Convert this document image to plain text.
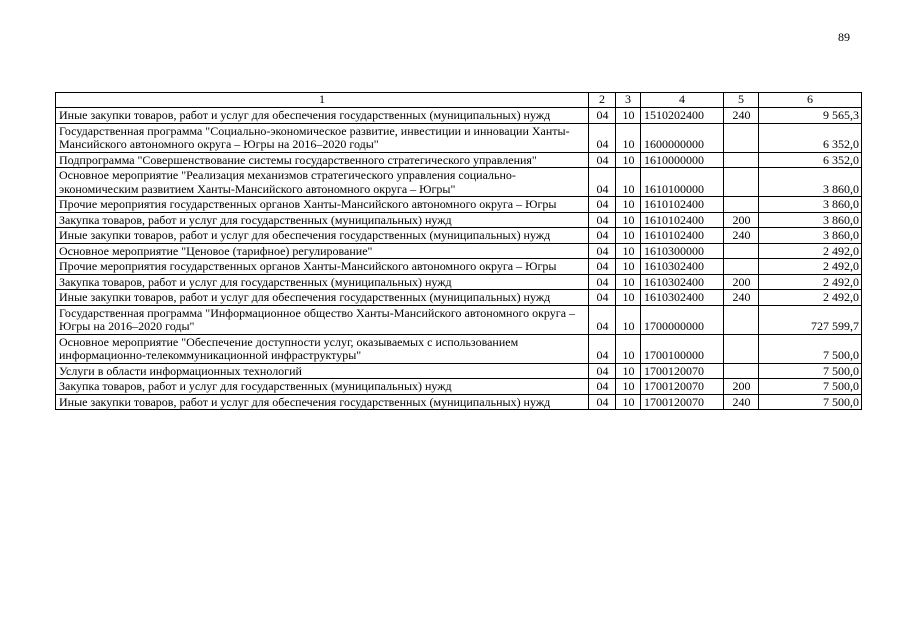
89
1	2	3	4	5	6
Иные закупки товаров, работ и услуг для обеспечения государственных (муниципальных) нужд	04	10	1510202400	240	9 565,3
Государственная программа "Социально-экономическое развитие, инвестиции и инновации Ханты-Мансийского автономного округа – Югры на 2016–2020 годы"	04	10	1600000000		6 352,0
Подпрограмма "Совершенствование системы государственного стратегического управления"	04	10	1610000000		6 352,0
Основное мероприятие "Реализация механизмов стратегического управления социально-экономическим развитием Ханты-Мансийского автономного округа – Югры"	04	10	1610100000		3 860,0
Прочие мероприятия государственных органов Ханты-Мансийского автономного округа – Югры	04	10	1610102400		3 860,0
Закупка товаров, работ и услуг для государственных (муниципальных) нужд	04	10	1610102400	200	3 860,0
Иные закупки товаров, работ и услуг для обеспечения государственных (муниципальных) нужд	04	10	1610102400	240	3 860,0
Основное мероприятие "Ценовое (тарифное) регулирование"	04	10	1610300000		2 492,0
Прочие мероприятия государственных органов Ханты-Мансийского автономного округа – Югры	04	10	1610302400		2 492,0
Закупка товаров, работ и услуг для государственных (муниципальных) нужд	04	10	1610302400	200	2 492,0
Иные закупки товаров, работ и услуг для обеспечения государственных (муниципальных) нужд	04	10	1610302400	240	2 492,0
Государственная программа "Информационное общество Ханты-Мансийского автономного округа – Югры на 2016–2020 годы"	04	10	1700000000		727 599,7
Основное мероприятие "Обеспечение доступности услуг, оказываемых с использованием информационно-телекоммуникационной инфраструктуры"	04	10	1700100000		7 500,0
Услуги в области информационных технологий	04	10	1700120070		7 500,0
Закупка товаров, работ и услуг для государственных (муниципальных) нужд	04	10	1700120070	200	7 500,0
Иные закупки товаров, работ и услуг для обеспечения государственных (муниципальных) нужд	04	10	1700120070	240	7 500,0
